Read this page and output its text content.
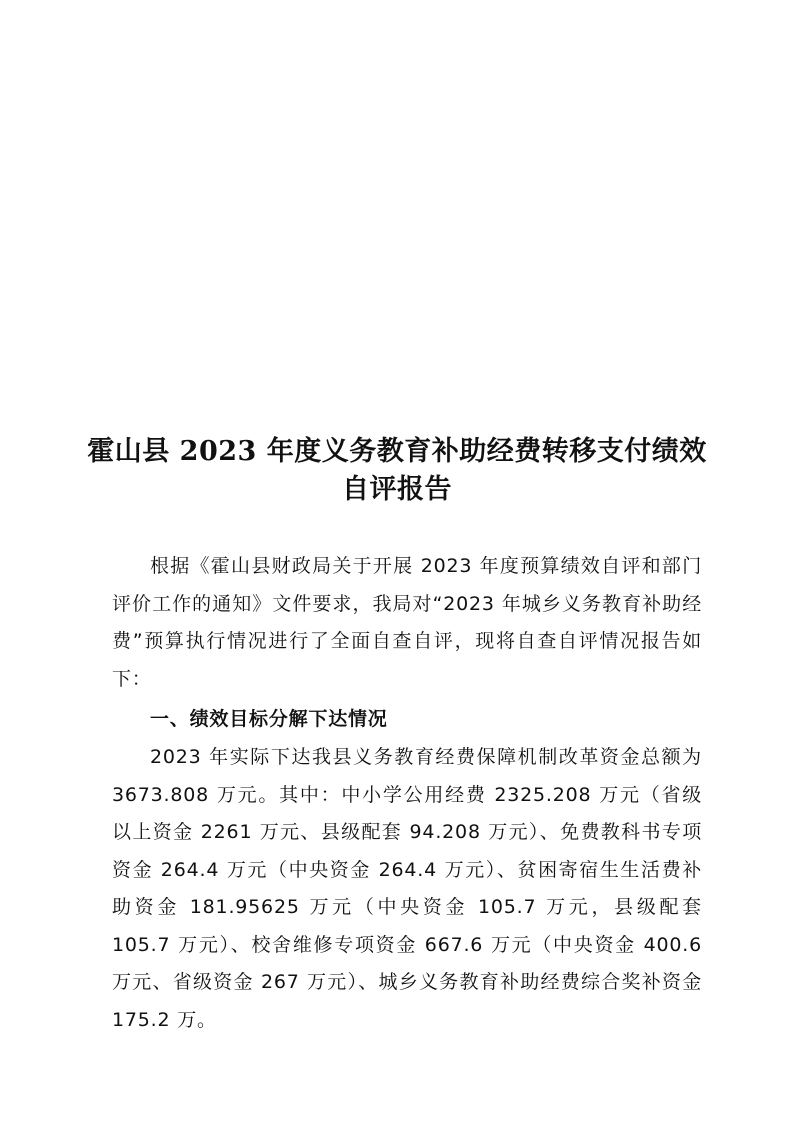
霍山县 2023 年度义务教育补助经费转移支付绩效
自评报告

根据《霍山县财政局关于开展 2023 年度预算绩效自评和部门评价工作的通知》文件要求，我局对“2023 年城乡义务教育补助经费”预算执行情况进行了全面自查自评，现将自查自评情况报告如下：

一、绩效目标分解下达情况

2023 年实际下达我县义务教育经费保障机制改革资金总额为 3673.808 万元。其中：中小学公用经费 2325.208 万元（省级以上资金 2261 万元、县级配套 94.208 万元）、免费教科书专项资金 264.4 万元（中央资金 264.4 万元）、贫困寄宿生生活费补助资金 181.95625 万元（中央资金 105.7 万元，县级配套 105.7 万元）、校舍维修专项资金 667.6 万元（中央资金 400.6 万元、省级资金 267 万元）、城乡义务教育补助经费综合奖补资金 175.2 万。
